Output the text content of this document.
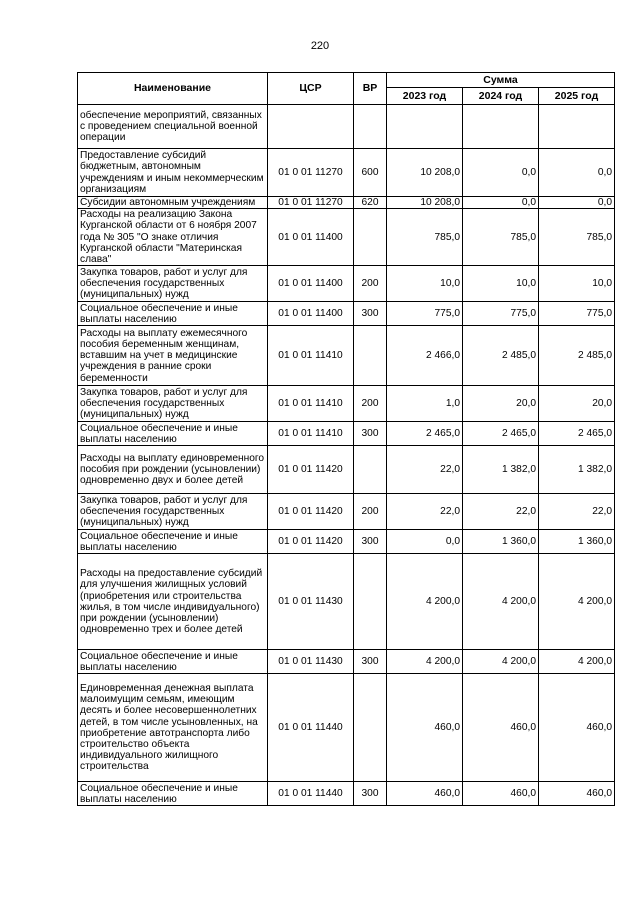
220
Наименование	ЦСР	ВР	Сумма		
			2023 год	2024 год	2025 год
обеспечение мероприятий, связанных с проведением специальной военной операции					
Предоставление субсидий бюджетным, автономным учреждениям и иным некоммерческим организациям	01 0 01 11270	600	10 208,0	0,0	0,0
Субсидии автономным учреждениям	01 0 01 11270	620	10 208,0	0,0	0,0
Расходы на реализацию Закона Курганской области от 6 ноября 2007 года № 305 "О знаке отличия Курганской области "Материнская слава"	01 0 01 11400		785,0	785,0	785,0
Закупка товаров, работ и услуг для обеспечения государственных (муниципальных) нужд	01 0 01 11400	200	10,0	10,0	10,0
Социальное обеспечение и иные выплаты населению	01 0 01 11400	300	775,0	775,0	775,0
Расходы на выплату ежемесячного пособия беременным женщинам, вставшим на учет в медицинские учреждения в ранние сроки беременности	01 0 01 11410		2 466,0	2 485,0	2 485,0
Закупка товаров, работ и услуг для обеспечения государственных (муниципальных) нужд	01 0 01 11410	200	1,0	20,0	20,0
Социальное обеспечение и иные выплаты населению	01 0 01 11410	300	2 465,0	2 465,0	2 465,0
Расходы на выплату единовременного пособия при рождении (усыновлении) одновременно двух и более детей	01 0 01 11420		22,0	1 382,0	1 382,0
Закупка товаров, работ и услуг для обеспечения государственных (муниципальных) нужд	01 0 01 11420	200	22,0	22,0	22,0
Социальное обеспечение и иные выплаты населению	01 0 01 11420	300	0,0	1 360,0	1 360,0
Расходы на предоставление субсидий для улучшения жилищных условий (приобретения или строительства жилья, в том числе индивидуального) при рождении (усыновлении) одновременно трех и более детей	01 0 01 11430		4 200,0	4 200,0	4 200,0
Социальное обеспечение и иные выплаты населению	01 0 01 11430	300	4 200,0	4 200,0	4 200,0
Единовременная денежная выплата малоимущим семьям, имеющим десять и более несовершеннолетних детей, в том числе усыновленных, на приобретение автотранспорта либо строительство объекта индивидуального жилищного строительства	01 0 01 11440		460,0	460,0	460,0
Социальное обеспечение и иные выплаты населению	01 0 01 11440	300	460,0	460,0	460,0
